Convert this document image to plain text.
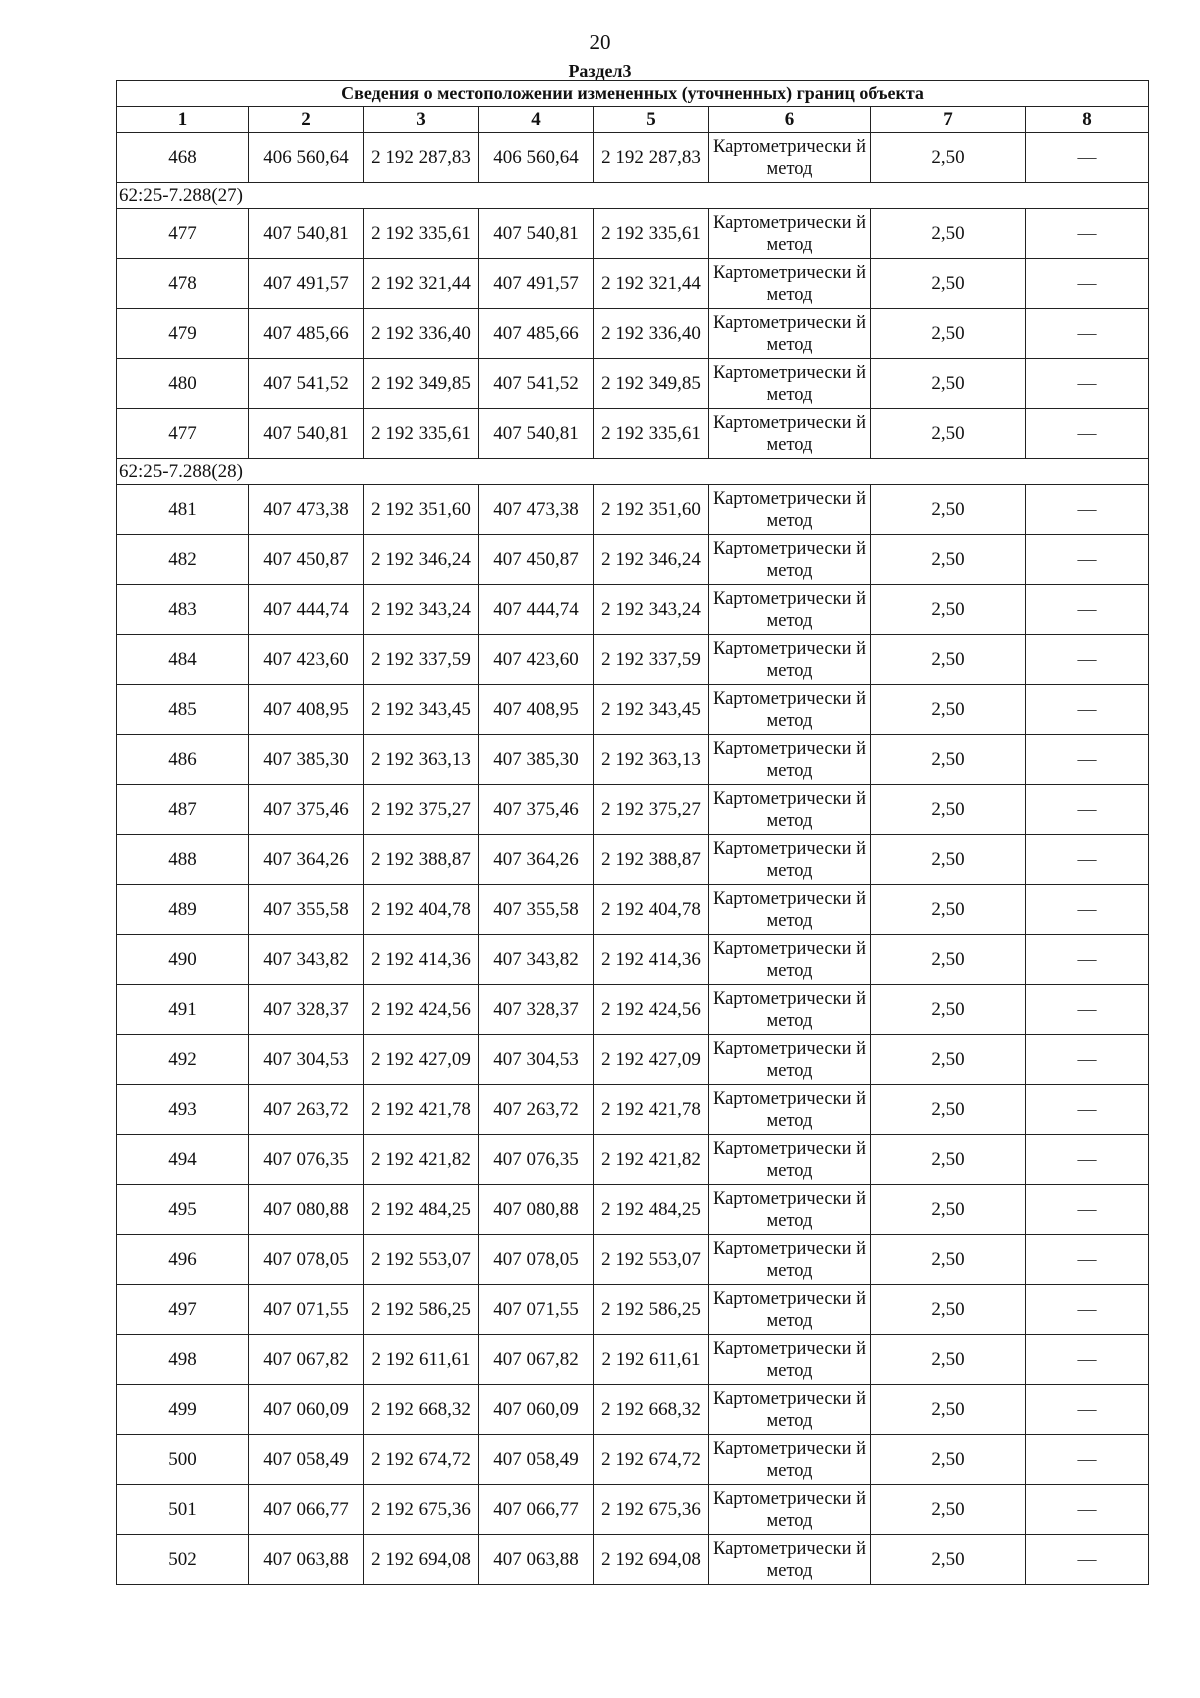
20
Раздел3
Сведения о местоположении измененных (уточненных) границ объекта							
1	2	3	4	5	6	7	8
468	406 560,64	2 192 287,83	406 560,64	2 192 287,83	Картометрически й метод	2,50	—
62:25-7.288(27)							
477	407 540,81	2 192 335,61	407 540,81	2 192 335,61	Картометрически й метод	2,50	—
478	407 491,57	2 192 321,44	407 491,57	2 192 321,44	Картометрически й метод	2,50	—
479	407 485,66	2 192 336,40	407 485,66	2 192 336,40	Картометрически й метод	2,50	—
480	407 541,52	2 192 349,85	407 541,52	2 192 349,85	Картометрически й метод	2,50	—
477	407 540,81	2 192 335,61	407 540,81	2 192 335,61	Картометрически й метод	2,50	—
62:25-7.288(28)							
481	407 473,38	2 192 351,60	407 473,38	2 192 351,60	Картометрически й метод	2,50	—
482	407 450,87	2 192 346,24	407 450,87	2 192 346,24	Картометрически й метод	2,50	—
483	407 444,74	2 192 343,24	407 444,74	2 192 343,24	Картометрически й метод	2,50	—
484	407 423,60	2 192 337,59	407 423,60	2 192 337,59	Картометрически й метод	2,50	—
485	407 408,95	2 192 343,45	407 408,95	2 192 343,45	Картометрически й метод	2,50	—
486	407 385,30	2 192 363,13	407 385,30	2 192 363,13	Картометрически й метод	2,50	—
487	407 375,46	2 192 375,27	407 375,46	2 192 375,27	Картометрически й метод	2,50	—
488	407 364,26	2 192 388,87	407 364,26	2 192 388,87	Картометрически й метод	2,50	—
489	407 355,58	2 192 404,78	407 355,58	2 192 404,78	Картометрически й метод	2,50	—
490	407 343,82	2 192 414,36	407 343,82	2 192 414,36	Картометрически й метод	2,50	—
491	407 328,37	2 192 424,56	407 328,37	2 192 424,56	Картометрически й метод	2,50	—
492	407 304,53	2 192 427,09	407 304,53	2 192 427,09	Картометрически й метод	2,50	—
493	407 263,72	2 192 421,78	407 263,72	2 192 421,78	Картометрически й метод	2,50	—
494	407 076,35	2 192 421,82	407 076,35	2 192 421,82	Картометрически й метод	2,50	—
495	407 080,88	2 192 484,25	407 080,88	2 192 484,25	Картометрически й метод	2,50	—
496	407 078,05	2 192 553,07	407 078,05	2 192 553,07	Картометрически й метод	2,50	—
497	407 071,55	2 192 586,25	407 071,55	2 192 586,25	Картометрически й метод	2,50	—
498	407 067,82	2 192 611,61	407 067,82	2 192 611,61	Картометрически й метод	2,50	—
499	407 060,09	2 192 668,32	407 060,09	2 192 668,32	Картометрически й метод	2,50	—
500	407 058,49	2 192 674,72	407 058,49	2 192 674,72	Картометрически й метод	2,50	—
501	407 066,77	2 192 675,36	407 066,77	2 192 675,36	Картометрически й метод	2,50	—
502	407 063,88	2 192 694,08	407 063,88	2 192 694,08	Картометрически й метод	2,50	—
